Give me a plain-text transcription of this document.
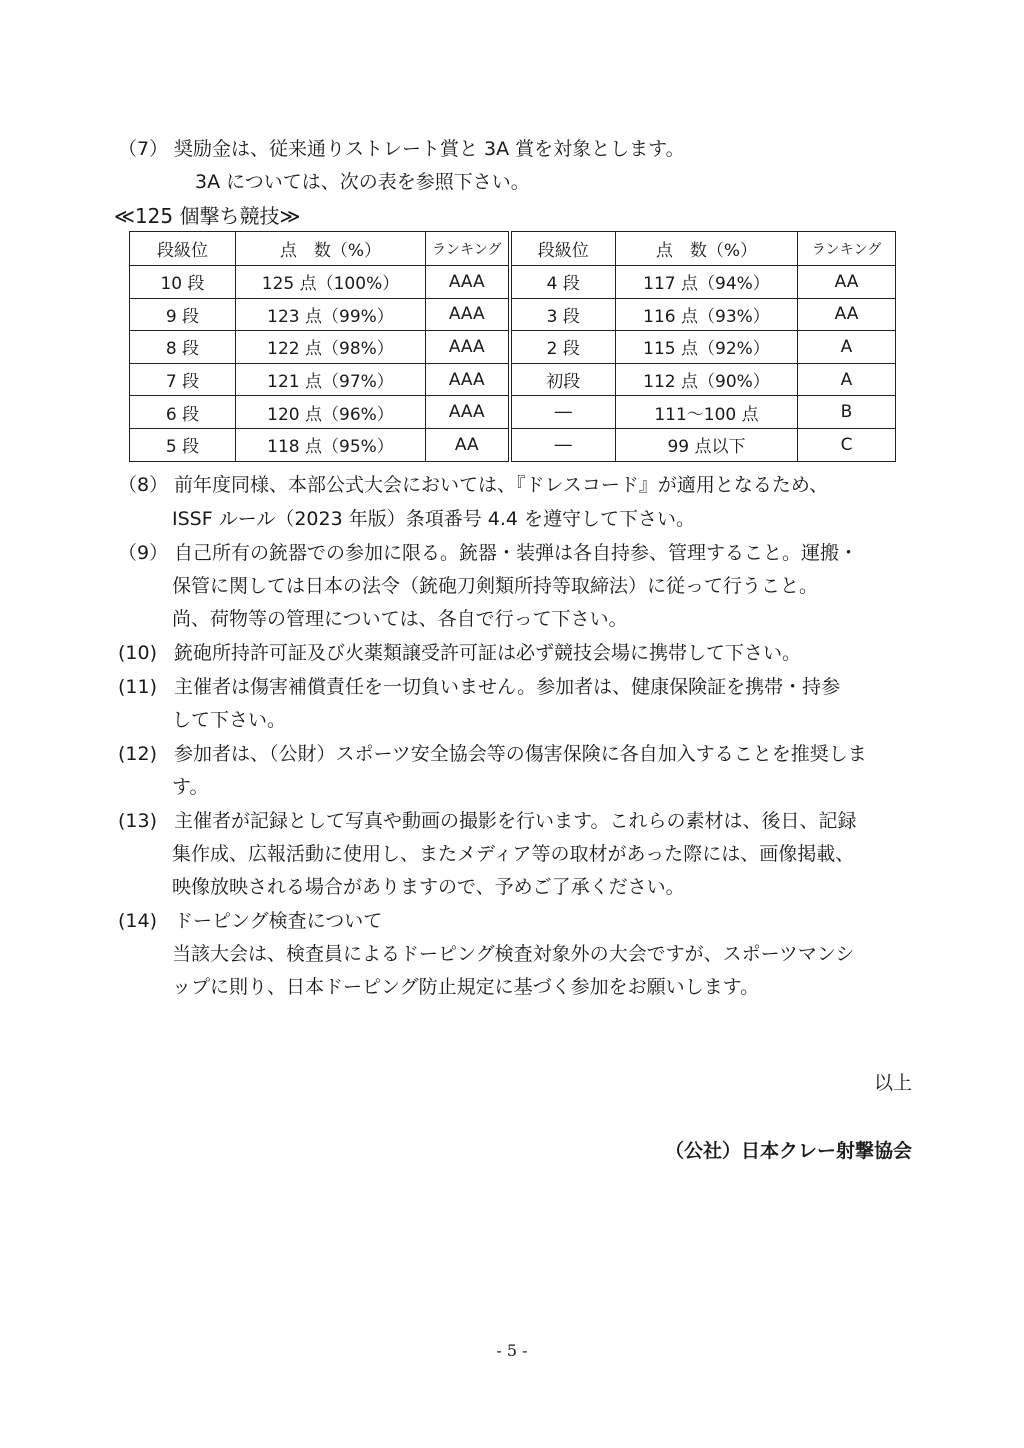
（7） 奨励金は、従来通りストレート賞と 3A 賞を対象とします。
3A については、次の表を参照下さい。
≪125 個撃ち競技≫
段級位	点　数（%）	ランキング	段級位	点　数（%）	ランキング
10 段	125 点（100%）	AAA	4 段	117 点（94%）	AA
9 段	123 点（99%）	AAA	3 段	116 点（93%）	AA
8 段	122 点（98%）	AAA	2 段	115 点（92%）	A
7 段	121 点（97%）	AAA	初段	112 点（90%）	A
6 段	120 点（96%）	AAA	―	111～100 点	B
5 段	118 点（95%）	AA	―	99 点以下	C
（8） 前年度同様、本部公式大会においては、『ドレスコード』が適用となるため、
ISSF ルール（2023 年版）条項番号 4.4 を遵守して下さい。
（9） 自己所有の銃器での参加に限る。銃器・装弾は各自持参、管理すること。運搬・
保管に関しては日本の法令（銃砲刀剣類所持等取締法）に従って行うこと。
尚、荷物等の管理については、各自で行って下さい。
(10) 銃砲所持許可証及び火薬類譲受許可証は必ず競技会場に携帯して下さい。
(11) 主催者は傷害補償責任を一切負いません。参加者は、健康保険証を携帯・持参
して下さい。
(12) 参加者は、（公財）スポーツ安全協会等の傷害保険に各自加入することを推奨しま
す。
(13) 主催者が記録として写真や動画の撮影を行います。これらの素材は、後日、記録
集作成、広報活動に使用し、またメディア等の取材があった際には、画像掲載、
映像放映される場合がありますので、予めご了承ください。
(14) ドーピング検査について
当該大会は、検査員によるドーピング検査対象外の大会ですが、スポーツマンシ
ップに則り、日本ドーピング防止規定に基づく参加をお願いします。
以上
（公社）日本クレー射撃協会
- 5 -
